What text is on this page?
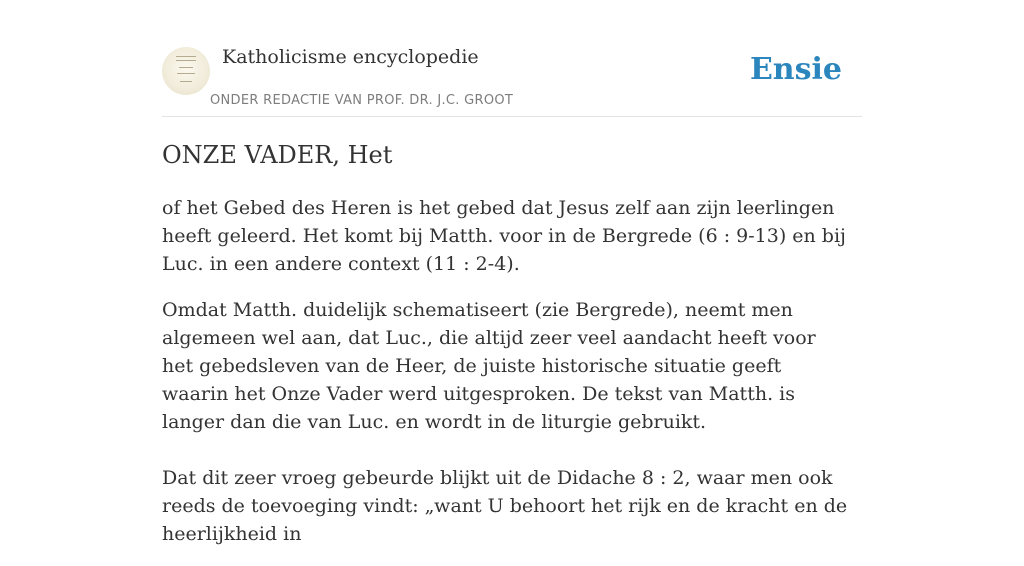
Katholicisme encyclopedie
ONDER REDACTIE VAN PROF. DR. J.C. GROOT
Ensie
ONZE VADER, Het

of het Gebed des Heren is het gebed dat Jesus zelf aan zijn leerlingen heeft geleerd. Het komt bij Matth. voor in de Bergrede (6 : 9-13) en bij Luc. in een andere context (11 : 2-4).

Omdat Matth. duidelijk schematiseert (zie Bergrede), neemt men algemeen wel aan, dat Luc., die altijd zeer veel aandacht heeft voor het gebedsleven van de Heer, de juiste historische situatie geeft waarin het Onze Vader werd uitgesproken. De tekst van Matth. is langer dan die van Luc. en wordt in de liturgie gebruikt.

Dat dit zeer vroeg gebeurde blijkt uit de Didache 8 : 2, waar men ook reeds de toevoeging vindt: „want U behoort het rijk en de kracht en de heerlijkheid in
